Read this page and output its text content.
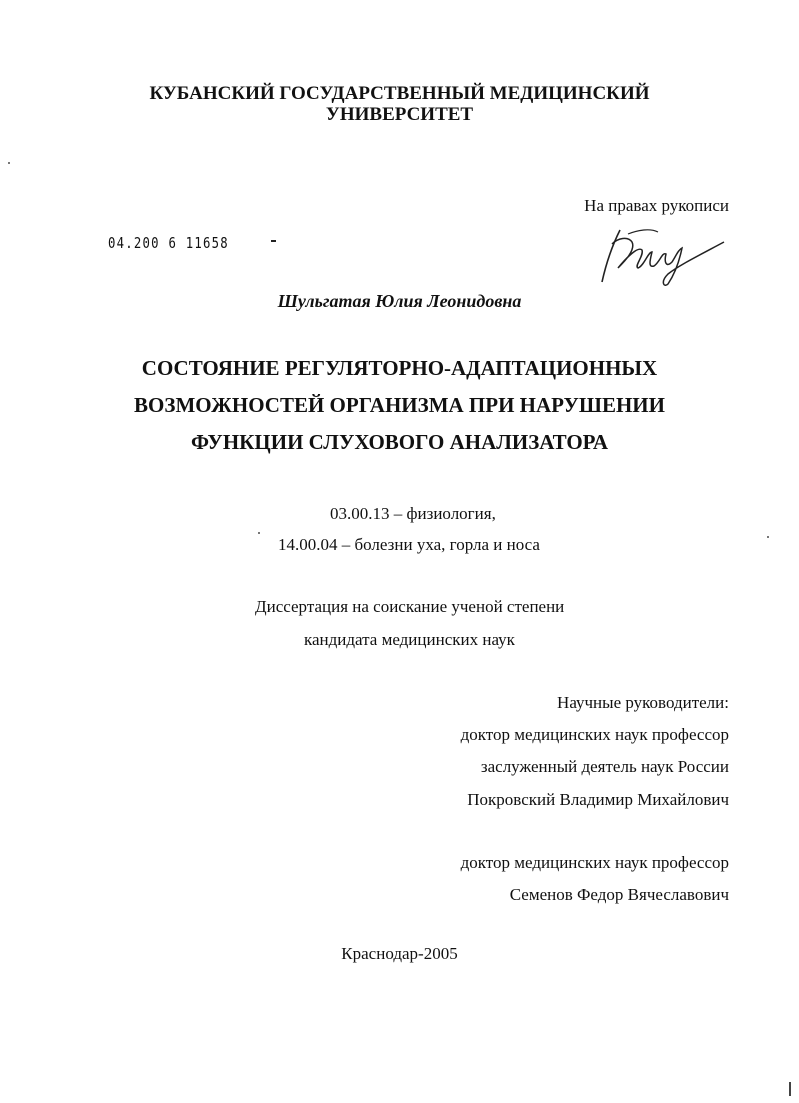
КУБАНСКИЙ ГОСУДАРСТВЕННЫЙ МЕДИЦИНСКИЙ
УНИВЕРСИТЕТ
На правах рукописи
04.200 6 11658
Шульгатая Юлия Леонидовна
СОСТОЯНИЕ РЕГУЛЯТОРНО-АДАПТАЦИОННЫХ
ВОЗМОЖНОСТЕЙ ОРГАНИЗМА ПРИ НАРУШЕНИИ
ФУНКЦИИ СЛУХОВОГО АНАЛИЗАТОРА
03.00.13 – физиология,
14.00.04 – болезни уха, горла и носа
Диссертация на соискание ученой степени
кандидата медицинских наук
Научные руководители:
доктор медицинских наук профессор
заслуженный деятель наук России
Покровский Владимир Михайлович
доктор медицинских наук профессор
Семенов Федор Вячеславович
Краснодар-2005
